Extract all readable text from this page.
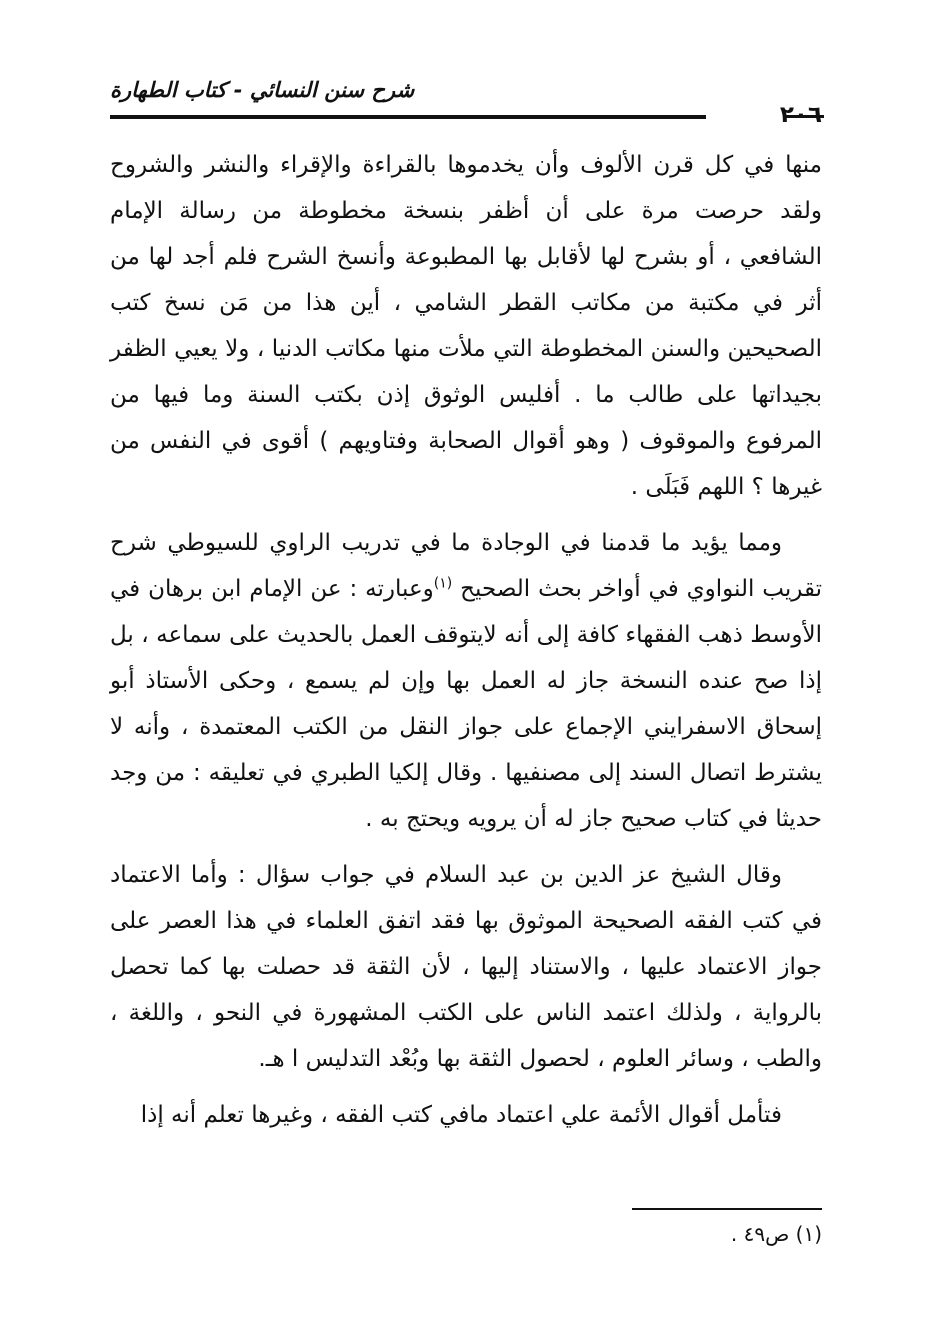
شرح سنن النسائي - كتاب الطهارة
٢٠٦

منها في كل قرن الألوف وأن يخدموها بالقراءة والإقراء والنشر والشروح ولقد حرصت مرة على أن أظفر بنسخة مخطوطة من رسالة الإمام الشافعي ، أو بشرح لها لأقابل بها المطبوعة وأنسخ الشرح فلم أجد لها من أثر في مكتبة من مكاتب القطر الشامي ، أين هذا من مَن نسخ كتب الصحيحين والسنن المخطوطة التي ملأت منها مكاتب الدنيا ، ولا يعيي الظفر بجيداتها على طالب ما . أفليس الوثوق إذن بكتب السنة وما فيها من المرفوع والموقوف ( وهو أقوال الصحابة وفتاويهم ) أقوى في النفس من غيرها ؟ اللهم فَبَلَى .

ومما يؤيد ما قدمنا في الوجادة ما في تدريب الراوي للسيوطي شرح تقريب النواوي في أواخر بحث الصحيح $^{(١)}$وعبارته : عن الإمام ابن برهان في الأوسط ذهب الفقهاء كافة إلى أنه لايتوقف العمل بالحديث على سماعه ، بل إذا صح عنده النسخة جاز له العمل بها وإن لم يسمع ، وحكى الأستاذ أبو إسحاق الاسفرايني الإجماع على جواز النقل من الكتب المعتمدة ، وأنه لا يشترط اتصال السند إلى مصنفيها . وقال إلكيا الطبري في تعليقه : من وجد حديثا في كتاب صحيح جاز له أن يرويه ويحتج به .

وقال الشيخ عز الدين بن عبد السلام في جواب سؤال : وأما الاعتماد في كتب الفقه الصحيحة الموثوق بها فقد اتفق العلماء في هذا العصر على جواز الاعتماد عليها ، والاستناد إليها ، لأن الثقة قد حصلت بها كما تحصل بالرواية ، ولذلك اعتمد الناس على الكتب المشهورة في النحو ، واللغة ، والطب ، وسائر العلوم ، لحصول الثقة بها وبُعْد التدليس ا هـ.

فتأمل أقوال الأئمة علي اعتماد مافي كتب الفقه ، وغيرها تعلم أنه إذا

(١) ص٤٩ .
